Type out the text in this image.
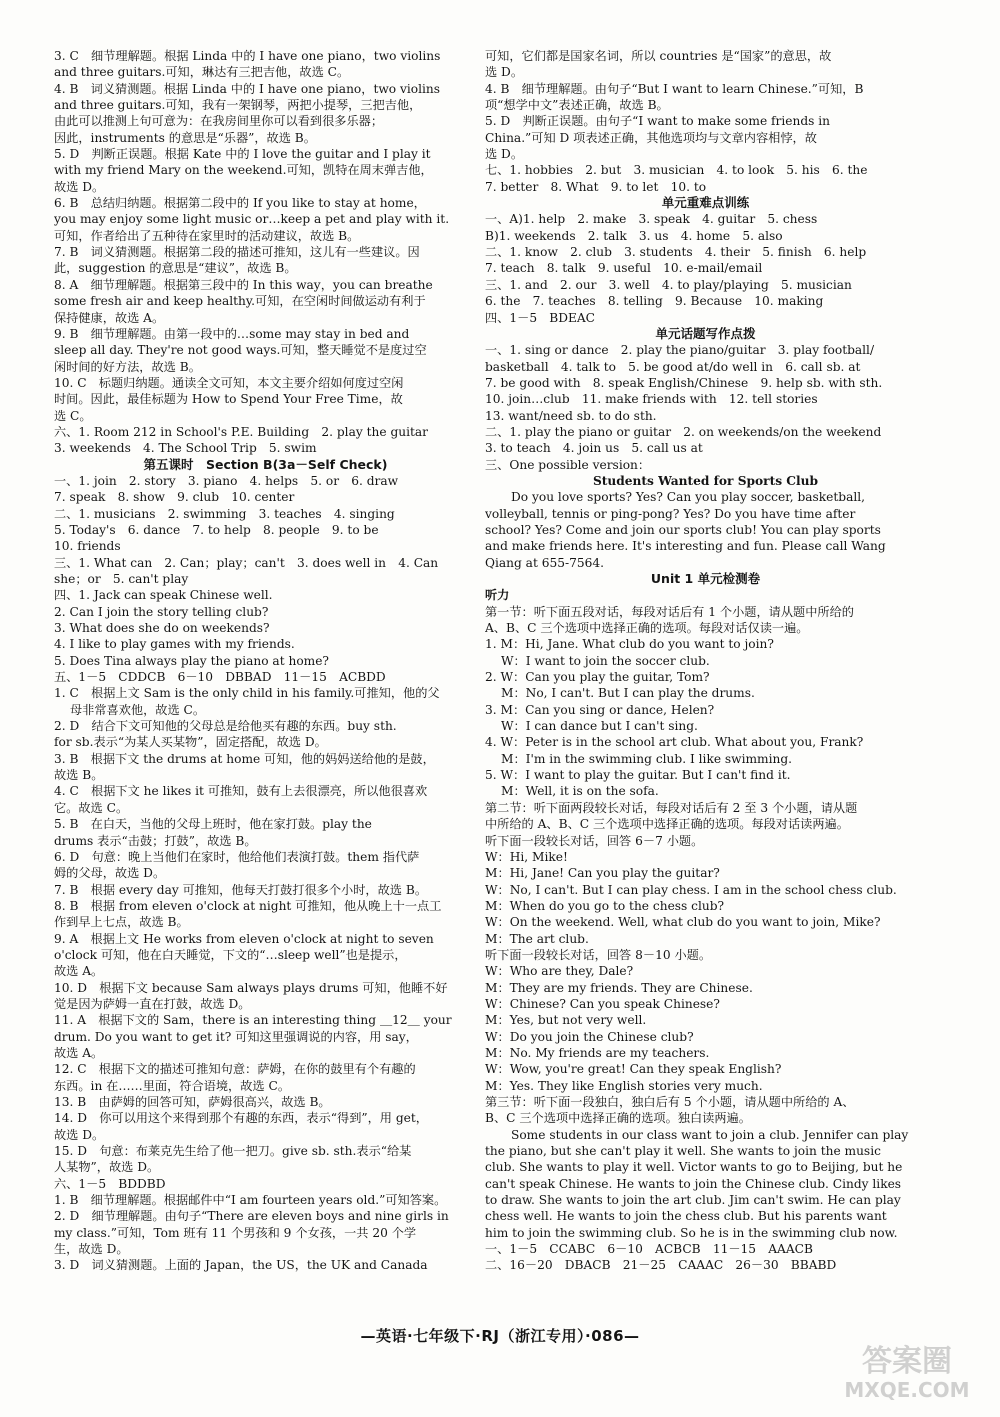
3. C　细节理解题。根据 Linda 中的 I have one piano，two violins
and three guitars.可知，琳达有三把吉他，故选 C。
4. B　词义猜测题。根据 Linda 中的 I have one piano，two violins
and three guitars.可知，我有一架钢琴，两把小提琴，三把吉他，
由此可以推测上句可意为：在我房间里你可以看到很多乐器；
因此，instruments 的意思是“乐器”，故选 B。
5. D　判断正误题。根据 Kate 中的 I love the guitar and I play it
with my friend Mary on the weekend.可知，凯特在周末弹吉他，
故选 D。
6. B　总结归纳题。根据第二段中的 If you like to stay at home，
you may enjoy some light music or…keep a pet and play with it.
可知，作者给出了五种待在家里时的活动建议，故选 B。
7. B　词义猜测题。根据第二段的描述可推知，这儿有一些建议。因
此，suggestion 的意思是“建议”，故选 B。
8. A　细节理解题。根据第三段中的 In this way，you can breathe
some fresh air and keep healthy.可知，在空闲时间做运动有利于
保持健康，故选 A。
9. B　细节理解题。由第一段中的…some may stay in bed and
sleep all day. They're not good ways.可知，整天睡觉不是度过空
闲时间的好方法，故选 B。
10. C　标题归纳题。通读全文可知，本文主要介绍如何度过空闲
时间。因此，最佳标题为 How to Spend Your Free Time，故
选 C。
六、1. Room 212 in School's P.E. Building　2. play the guitar
3. weekends　4. The School Trip　5. swim
第五课时　Section B(3a－Self Check)
一、1. join　2. story　3. piano　4. helps　5. or　6. draw
7. speak　8. show　9. club　10. center
二、1. musicians　2. swimming　3. teaches　4. singing
5. Today's　6. dance　7. to help　8. people　9. to be
10. friends
三、1. What can　2. Can；play；can't　3. does well in　4. Can
she；or　5. can't play
四、1. Jack can speak Chinese well.
2. Can I join the story telling club?
3. What does she do on weekends?
4. I like to play games with my friends.
5. Does Tina always play the piano at home?
五、1－5　CDDCB　6－10　DBBAD　11－15　ACBDD
1. C　根据上文 Sam is the only child in his family.可推知，他的父
母非常喜欢他，故选 C。
2. D　结合下文可知他的父母总是给他买有趣的东西。buy sth.
for sb.表示“为某人买某物”，固定搭配，故选 D。
3. B　根据下文 the drums at home 可知，他的妈妈送给他的是鼓，
故选 B。
4. C　根据下文 he likes it 可推知，鼓有上去很漂亮，所以他很喜欢
它。故选 C。
5. B　在白天，当他的父母上班时，他在家打鼓。play the
drums 表示“击鼓；打鼓”，故选 B。
6. D　句意：晚上当他们在家时，他给他们表演打鼓。them 指代萨
姆的父母，故选 D。
7. B　根据 every day 可推知，他每天打鼓打很多个小时，故选 B。
8. B　根据 from eleven o'clock at night 可推知，他从晚上十一点工
作到早上七点，故选 B。
9. A　根据上文 He works from eleven o'clock at night to seven
o'clock 可知，他在白天睡觉，下文的“…sleep well”也是提示，
故选 A。
10. D　根据下文 because Sam always plays drums 可知，他睡不好
觉是因为萨姆一直在打鼓，故选 D。
11. A　根据下文的 Sam，there is an interesting thing ＿12＿ your
drum. Do you want to get it? 可知这里强调说的内容，用 say，
故选 A。
12. C　根据下文的描述可推知句意：萨姆，在你的鼓里有个有趣的
东西。in 在……里面，符合语境，故选 C。
13. B　由萨姆的回答可知，萨姆很高兴，故选 B。
14. D　你可以用这个来得到那个有趣的东西，表示“得到”，用 get，
故选 D。
15. D　句意：布莱克先生给了他一把刀。give sb. sth.表示“给某
人某物”，故选 D。
六、1－5　BDDBD
1. B　细节理解题。根据邮件中“I am fourteen years old.”可知答案。
2. D　细节理解题。由句子“There are eleven boys and nine girls in
my class.”可知，Tom 班有 11 个男孩和 9 个女孩，一共 20 个学
生，故选 D。
3. D　词义猜测题。上面的 Japan，the US，the UK and Canada
可知，它们都是国家名词，所以 countries 是“国家”的意思，故
选 D。
4. B　细节理解题。由句子“But I want to learn Chinese.”可知，B
项“想学中文”表述正确，故选 B。
5. D　判断正误题。由句子“I want to make some friends in
China.”可知 D 项表述正确，其他选项均与文章内容相悖，故
选 D。
七、1. hobbies　2. but　3. musician　4. to look　5. his　6. the
7. better　8. What　9. to let　10. to
单元重难点训练
一、A)1. help　2. make　3. speak　4. guitar　5. chess
B)1. weekends　2. talk　3. us　4. home　5. also
二、1. know　2. club　3. students　4. their　5. finish　6. help
7. teach　8. talk　9. useful　10. e-mail/email
三、1. and　2. our　3. well　4. to play/playing　5. musician
6. the　7. teaches　8. telling　9. Because　10. making
四、1－5　BDEAC
单元话题写作点拨
一、1. sing or dance　2. play the piano/guitar　3. play football/
basketball　4. talk to　5. be good at/do well in　6. call sb. at
7. be good with　8. speak English/Chinese　9. help sb. with sth.
10. join…club　11. make friends with　12. tell stories
13. want/need sb. to do sth.
二、1. play the piano or guitar　2. on weekends/on the weekend
3. to teach　4. join us　5. call us at
三、One possible version：
Students Wanted for Sports Club
Do you love sports? Yes? Can you play soccer, basketball,
volleyball, tennis or ping-pong? Yes? Do you have time after
school? Yes? Come and join our sports club! You can play sports
and make friends here. It's interesting and fun. Please call Wang
Qiang at 655-7564.
Unit 1 单元检测卷
听力
第一节：听下面五段对话，每段对话后有 1 个小题，请从题中所给的
A、B、C 三个选项中选择正确的选项。每段对话仅读一遍。
1. M：Hi, Jane. What club do you want to join?
W：I want to join the soccer club.
2. W：Can you play the guitar, Tom?
M：No, I can't. But I can play the drums.
3. M：Can you sing or dance, Helen?
W：I can dance but I can't sing.
4. W：Peter is in the school art club. What about you, Frank?
M：I'm in the swimming club. I like swimming.
5. W：I want to play the guitar. But I can't find it.
M：Well, it is on the sofa.
第二节：听下面两段较长对话，每段对话后有 2 至 3 个小题，请从题
中所给的 A、B、C 三个选项中选择正确的选项。每段对话读两遍。
听下面一段较长对话，回答 6－7 小题。
W：Hi, Mike!
M：Hi, Jane! Can you play the guitar?
W：No, I can't. But I can play chess. I am in the school chess club.
M：When do you go to the chess club?
W：On the weekend. Well, what club do you want to join, Mike?
M：The art club.
听下面一段较长对话，回答 8－10 小题。
W：Who are they, Dale?
M：They are my friends. They are Chinese.
W：Chinese? Can you speak Chinese?
M：Yes, but not very well.
W：Do you join the Chinese club?
M：No. My friends are my teachers.
W：Wow, you're great! Can they speak English?
M：Yes. They like English stories very much.
第三节：听下面一段独白，独白后有 5 个小题，请从题中所给的 A、
B、C 三个选项中选择正确的选项。独白读两遍。
Some students in our class want to join a club. Jennifer can play
the piano, but she can't play it well. She wants to join the music
club. She wants to play it well. Victor wants to go to Beijing, but he
can't speak Chinese. He wants to join the Chinese club. Cindy likes
to draw. She wants to join the art club. Jim can't swim. He can play
chess well. He wants to join the chess club. But his parents want
him to join the swimming club. So he is in the swimming club now.
一、1－5　CCABC　6－10　ACBCB　11－15　AAACB
二、16－20　DBACB　21－25　CAAAC　26－30　BBABD
—英语·七年级下·RJ（浙江专用）·086—
答案圈
MXQE.COM
